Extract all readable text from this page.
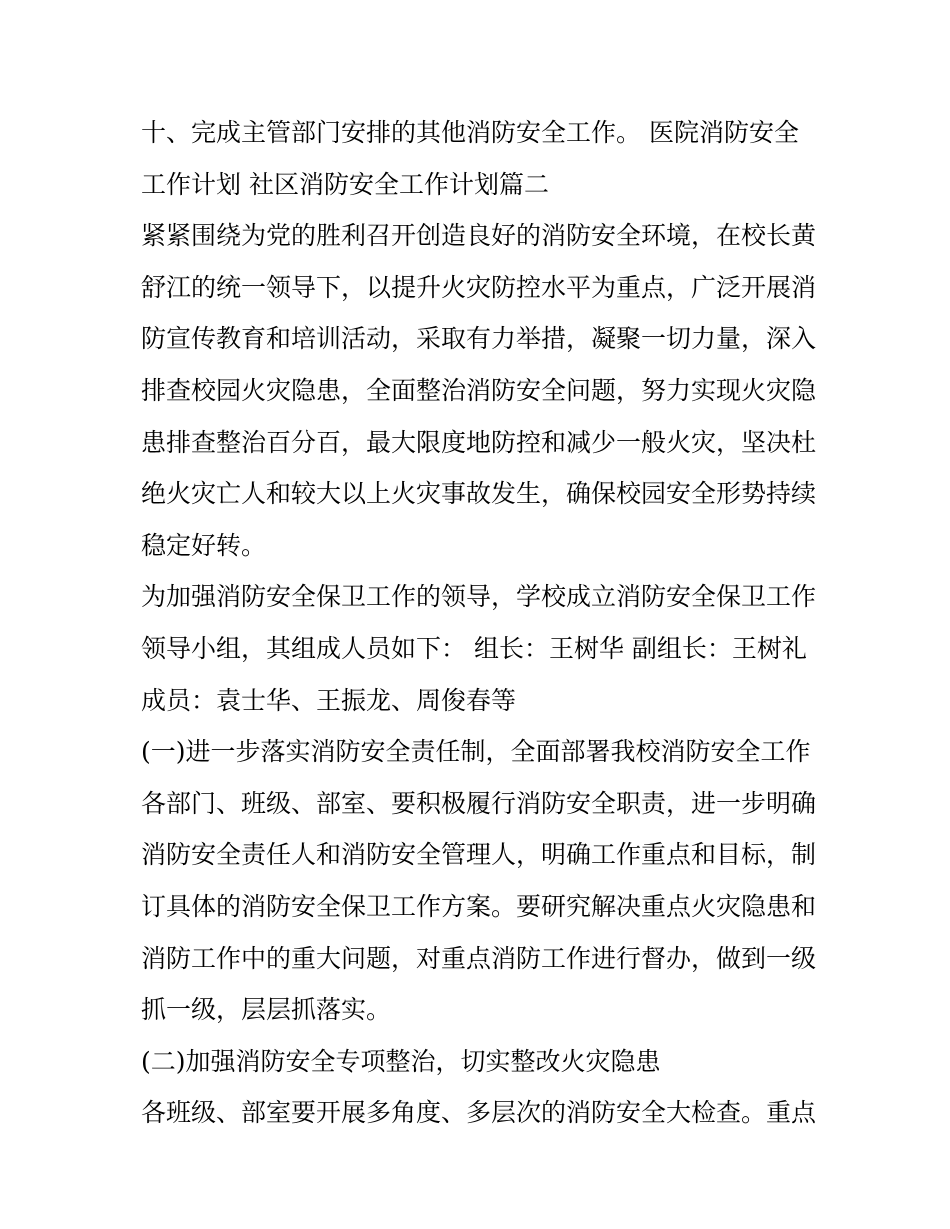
十、完成主管部门安排的其他消防安全工作。 医院消防安全
工作计划 社区消防安全工作计划篇二
紧紧围绕为党的胜利召开创造良好的消防安全环境，在校长黄
舒江的统一领导下，以提升火灾防控水平为重点，广泛开展消
防宣传教育和培训活动，采取有力举措，凝聚一切力量，深入
排查校园火灾隐患，全面整治消防安全问题，努力实现火灾隐
患排查整治百分百，最大限度地防控和减少一般火灾，坚决杜
绝火灾亡人和较大以上火灾事故发生，确保校园安全形势持续
稳定好转。
为加强消防安全保卫工作的领导，学校成立消防安全保卫工作
领导小组，其组成人员如下： 组长：王树华 副组长：王树礼
成员：袁士华、王振龙、周俊春等
(一)进一步落实消防安全责任制，全面部署我校消防安全工作
各部门、班级、部室、要积极履行消防安全职责，进一步明确
消防安全责任人和消防安全管理人，明确工作重点和目标，制
订具体的消防安全保卫工作方案。要研究解决重点火灾隐患和
消防工作中的重大问题，对重点消防工作进行督办，做到一级
抓一级，层层抓落实。
(二)加强消防安全专项整治，切实整改火灾隐患
各班级、部室要开展多角度、多层次的消防安全大检查。重点
